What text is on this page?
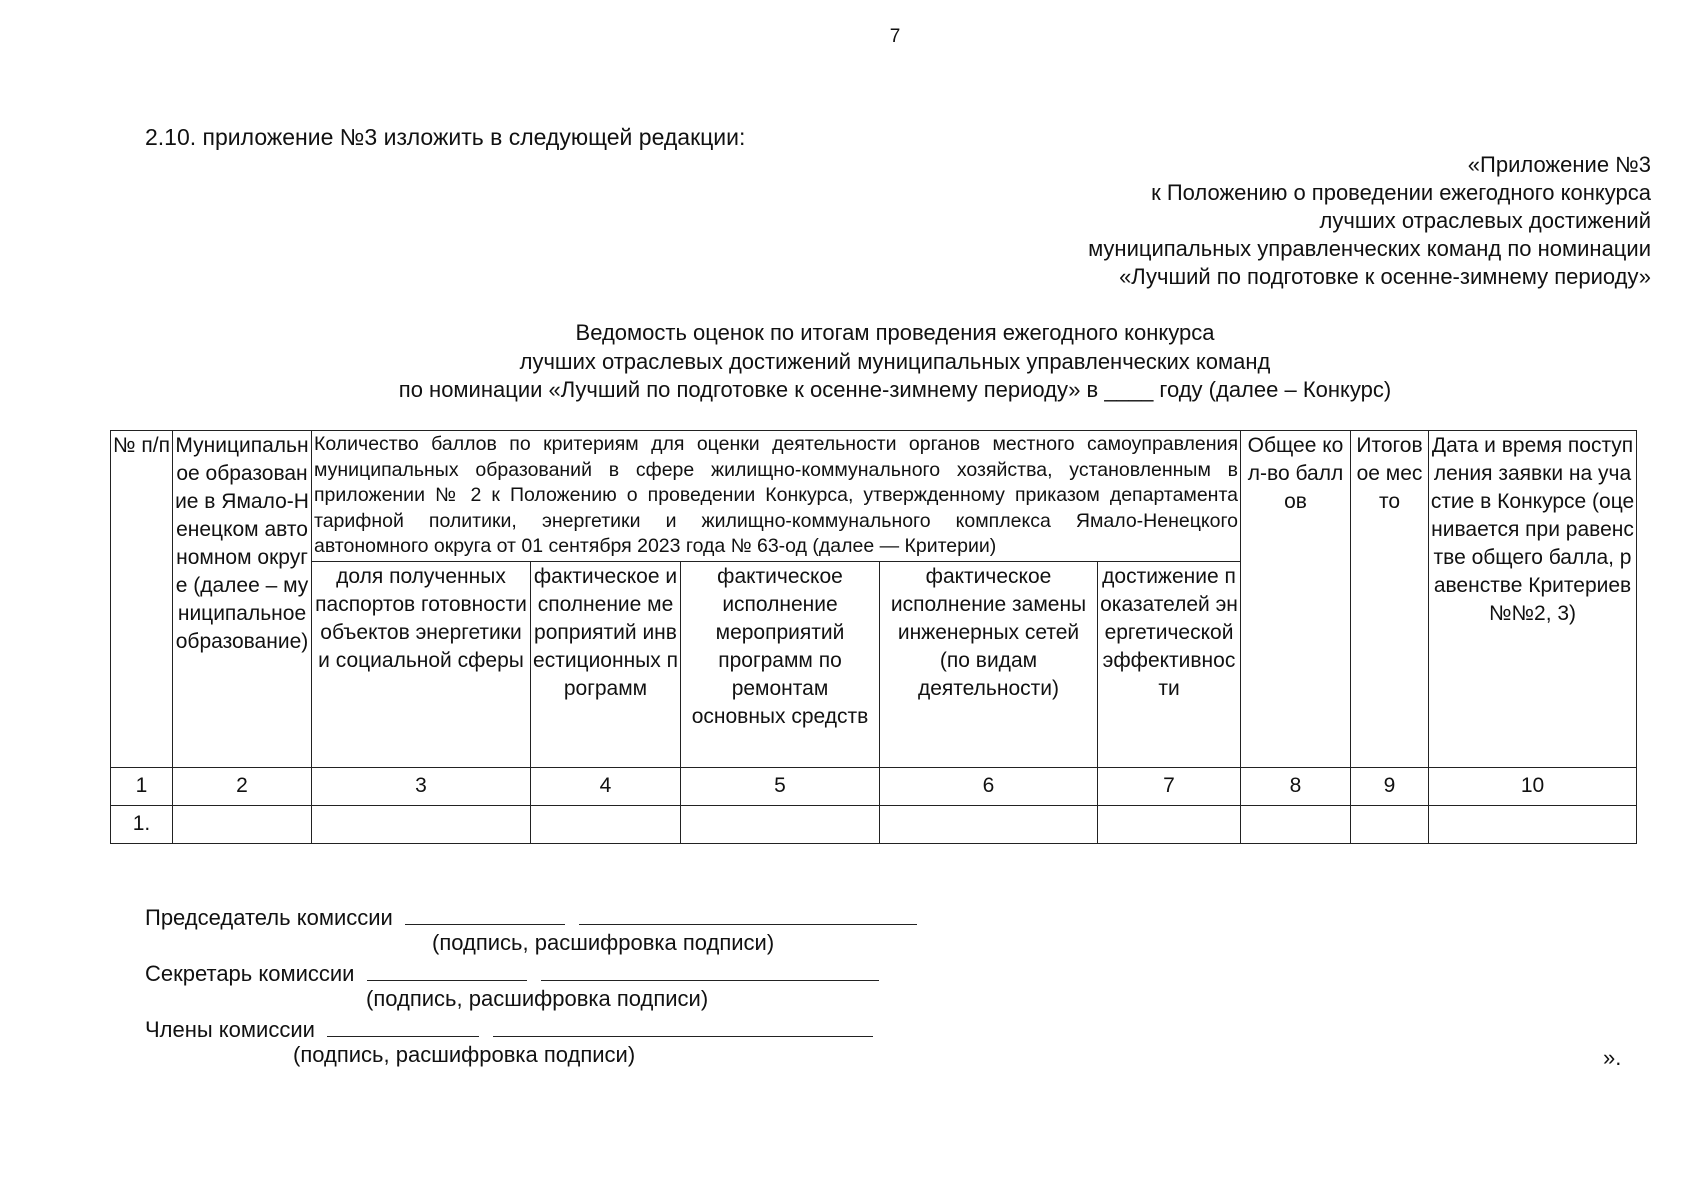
7
2.10. приложение №3 изложить в следующей редакции:
«Приложение №3
к Положению о проведении ежегодного конкурса
лучших отраслевых достижений
муниципальных управленческих команд по номинации
«Лучший по подготовке к осенне-зимнему периоду»
Ведомость оценок по итогам проведения ежегодного конкурса
лучших отраслевых достижений муниципальных управленческих команд
по номинации «Лучший по подготовке к осенне-зимнему периоду» в ____ году (далее – Конкурс)
№ п/п	Муниципальное образование в Ямало-Ненецком автономном округе (далее – муниципальное образование)	Количество баллов по критериям для оценки деятельности органов местного самоуправления муниципальных образований в сфере жилищно-коммунального хозяйства, установленным в приложении № 2 к Положению о проведении Конкурса, утвержденному приказом департамента тарифной политики, энергетики и жилищно-коммунального комплекса Ямало-Ненецкого автономного округа от 01 сентября 2023 года № 63-од (далее — Критерии)					Общее кол-во баллов	Итоговое место	Дата и время поступления заявки на участие в Конкурсе (оценивается при равенстве общего балла, равенстве Критериев №№2, 3)
		доля полученных паспортов готовности объектов энергетики и социальной сферы	фактическое исполнение мероприятий инвестиционных программ	фактическое исполнение мероприятий программ по ремонтам основных средств	фактическое исполнение замены инженерных сетей (по видам деятельности)	достижение показателей энергетической эффективности			
1	2	3	4	5	6	7	8	9	10
1.									
Председатель комиссии
(подпись, расшифровка подписи)
Секретарь комиссии
(подпись, расшифровка подписи)
Члены комиссии
(подпись, расшифровка подписи)	».
